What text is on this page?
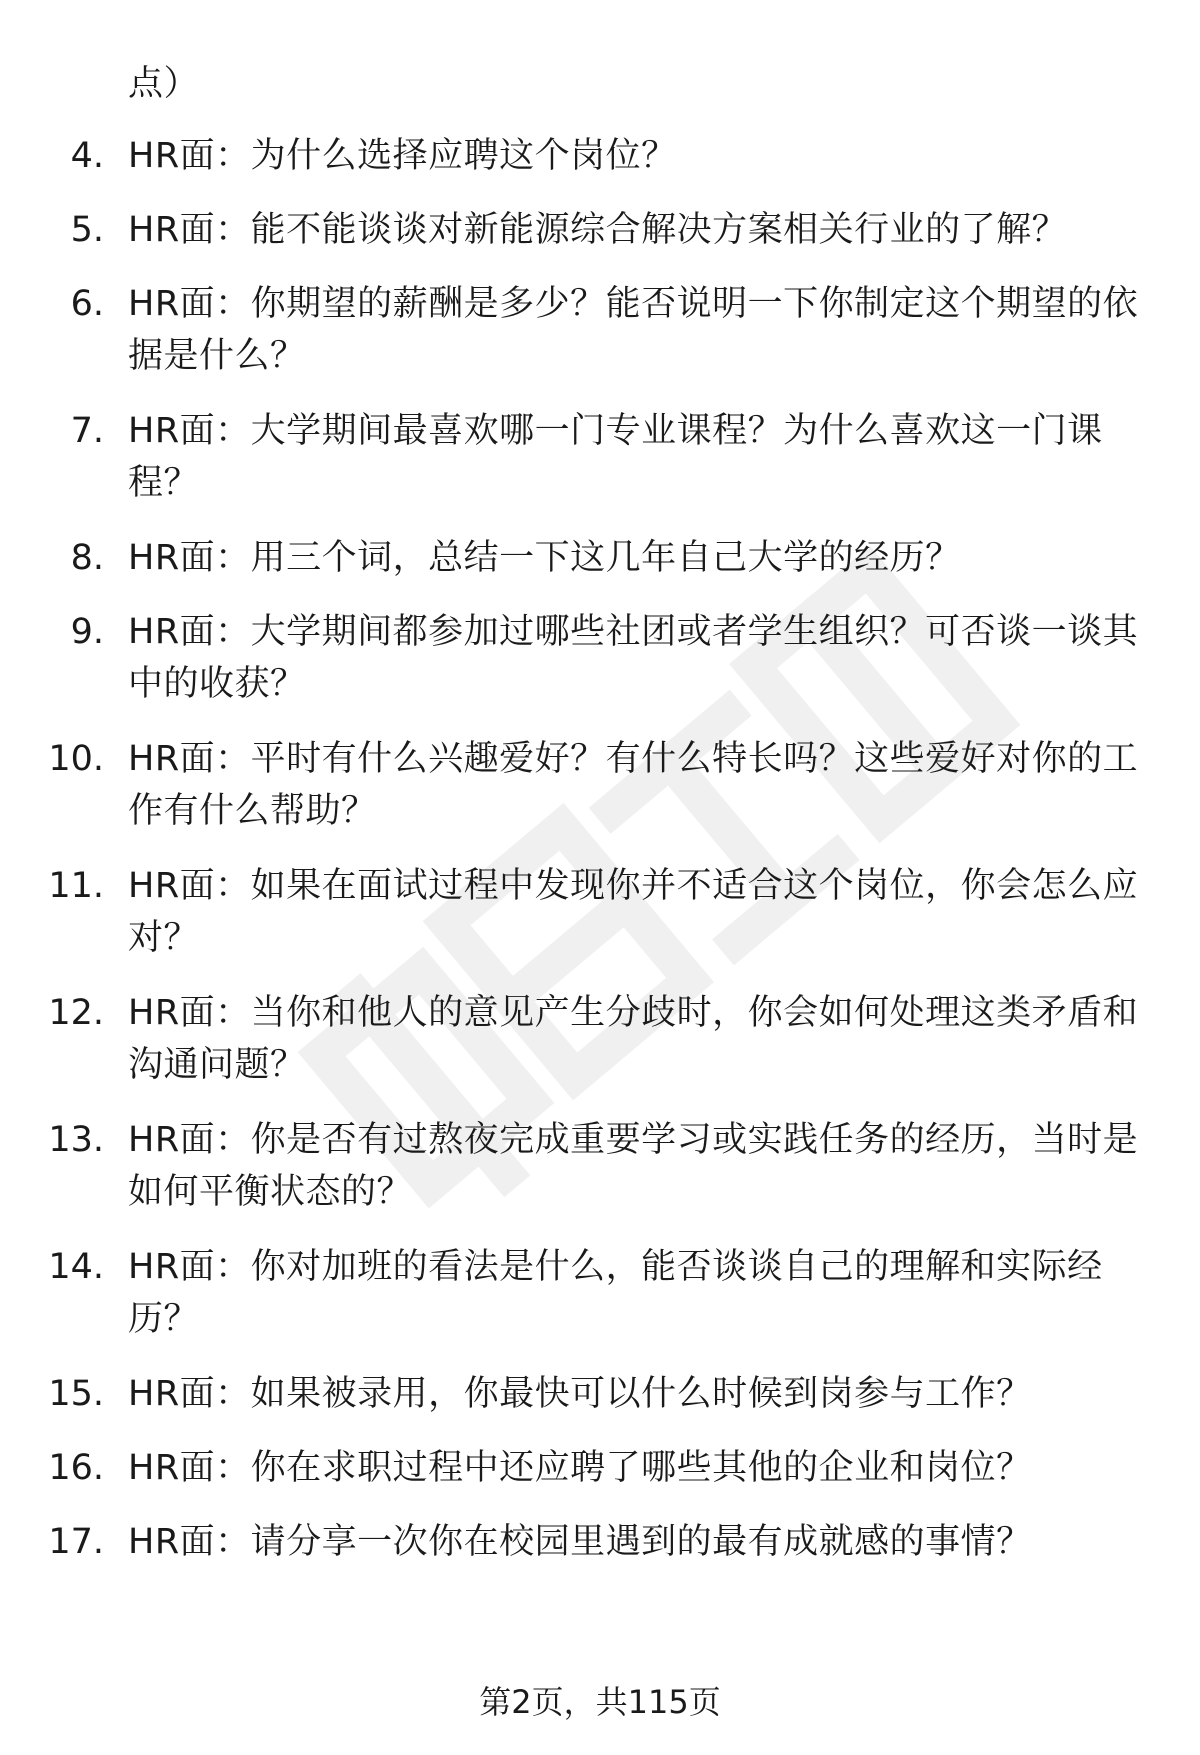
点）
4. HR面：为什么选择应聘这个岗位？
5. HR面：能不能谈谈对新能源综合解决方案相关行业的了解？
6. HR面：你期望的薪酬是多少？能否说明一下你制定这个期望的依据是什么？
7. HR面：大学期间最喜欢哪一门专业课程？为什么喜欢这一门课程？
8. HR面：用三个词，总结一下这几年自己大学的经历？
9. HR面：大学期间都参加过哪些社团或者学生组织？可否谈一谈其中的收获？
10. HR面：平时有什么兴趣爱好？有什么特长吗？这些爱好对你的工作有什么帮助？
11. HR面：如果在面试过程中发现你并不适合这个岗位，你会怎么应对？
12. HR面：当你和他人的意见产生分歧时，你会如何处理这类矛盾和沟通问题？
13. HR面：你是否有过熬夜完成重要学习或实践任务的经历，当时是如何平衡状态的？
14. HR面：你对加班的看法是什么，能否谈谈自己的理解和实际经历？
15. HR面：如果被录用，你最快可以什么时候到岗参与工作？
16. HR面：你在求职过程中还应聘了哪些其他的企业和岗位？
17. HR面：请分享一次你在校园里遇到的最有成就感的事情？
第2页，共115页
